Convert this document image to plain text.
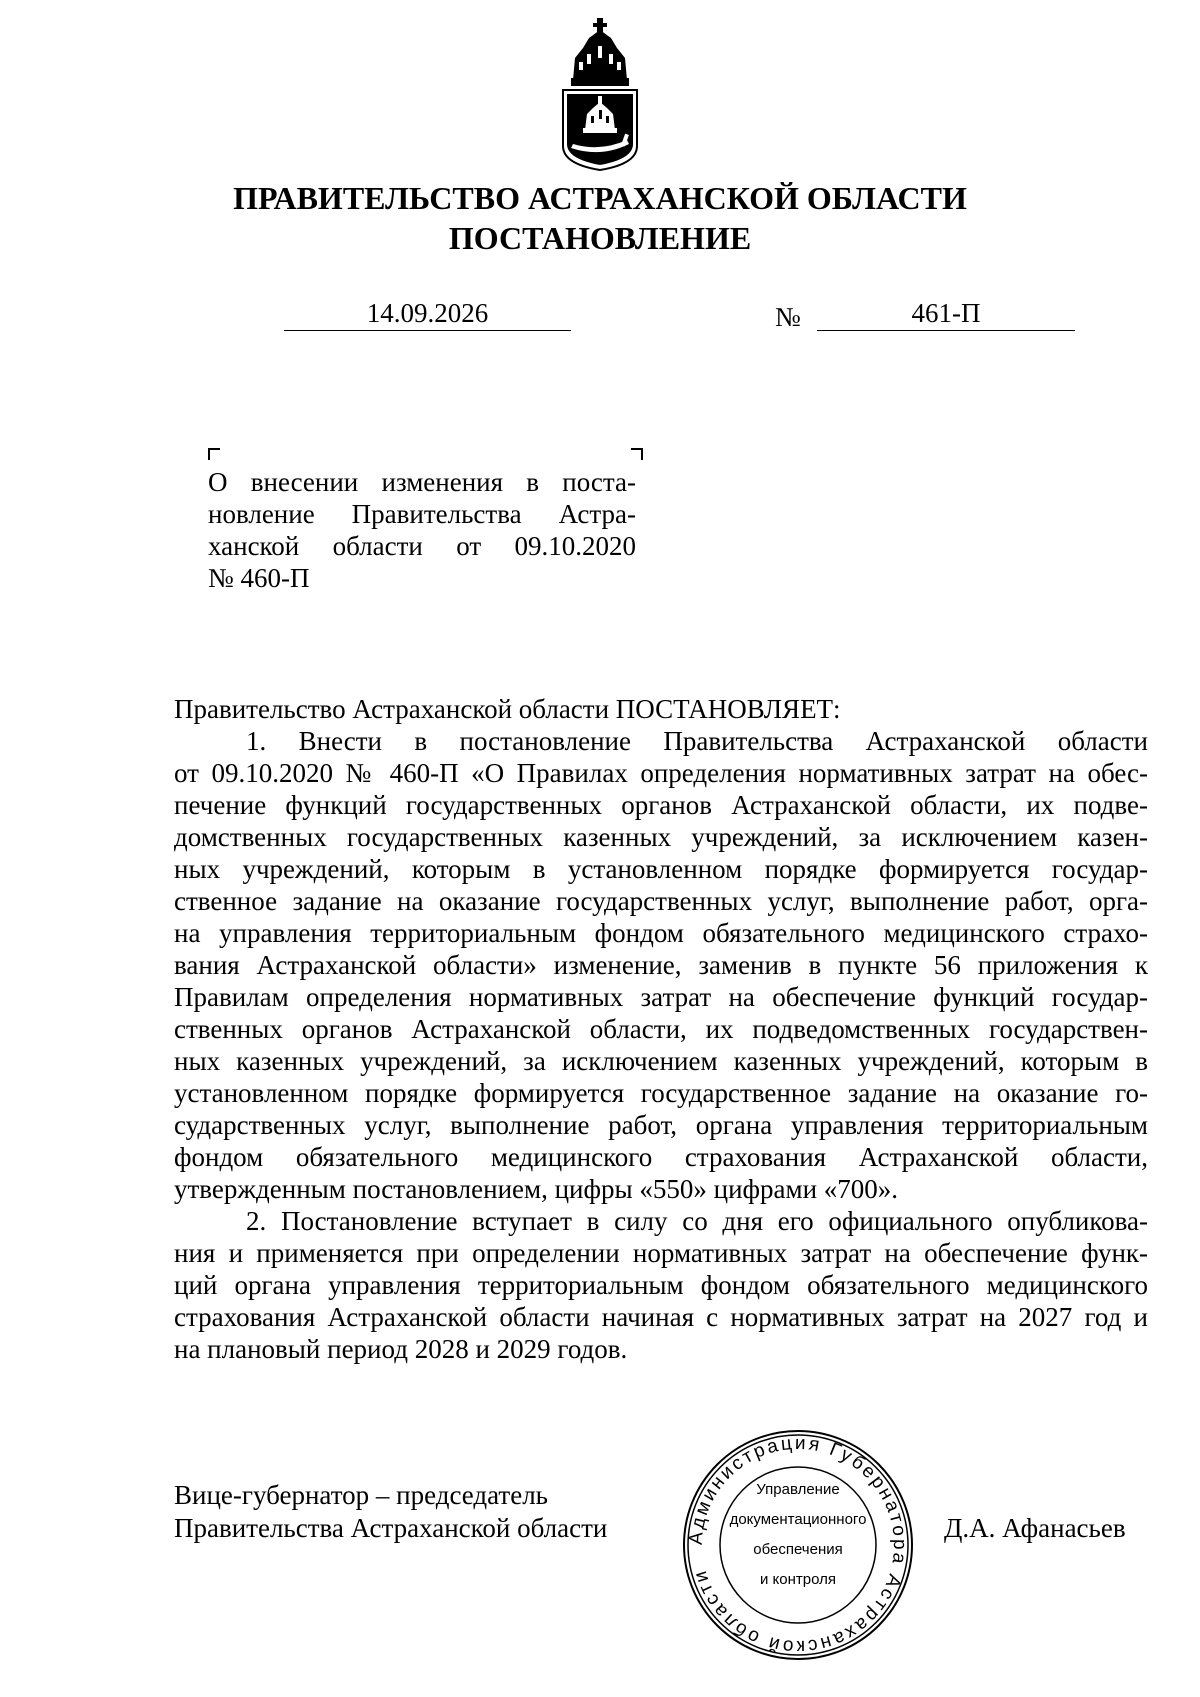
ПРАВИТЕЛЬСТВО АСТРАХАНСКОЙ ОБЛАСТИ
ПОСТАНОВЛЕНИЕ
14.09.2026	№	461-П
О внесении изменения в поста-
новление Правительства Астра-
ханской области от 09.10.2020
№ 460-П
Правительство Астраханской области ПОСТАНОВЛЯЕТ:
1. Внести в постановление Правительства Астраханской области
от 09.10.2020 № 460-П «О Правилах определения нормативных затрат на обес-
печение функций государственных органов Астраханской области, их подве-
домственных государственных казенных учреждений, за исключением казен-
ных учреждений, которым в установленном порядке формируется государ-
ственное задание на оказание государственных услуг, выполнение работ, орга-
на управления территориальным фондом обязательного медицинского страхо-
вания Астраханской области» изменение, заменив в пункте 56 приложения к
Правилам определения нормативных затрат на обеспечение функций государ-
ственных органов Астраханской области, их подведомственных государствен-
ных казенных учреждений, за исключением казенных учреждений, которым в
установленном порядке формируется государственное задание на оказание го-
сударственных услуг, выполнение работ, органа управления территориальным
фондом обязательного медицинского страхования Астраханской области,
утвержденным постановлением, цифры «550» цифрами «700».
2. Постановление вступает в силу со дня его официального опубликова-
ния и применяется при определении нормативных затрат на обеспечение функ-
ций органа управления территориальным фондом обязательного медицинского
страхования Астраханской области начиная с нормативных затрат на 2027 год и
на плановый период 2028 и 2029 годов.
Вице-губернатор – председатель
Правительства Астраханской области	Д.А. Афанасьев
Администрация Губернатора Астраханской области
Управление
документационного
обеспечения
и контроля
